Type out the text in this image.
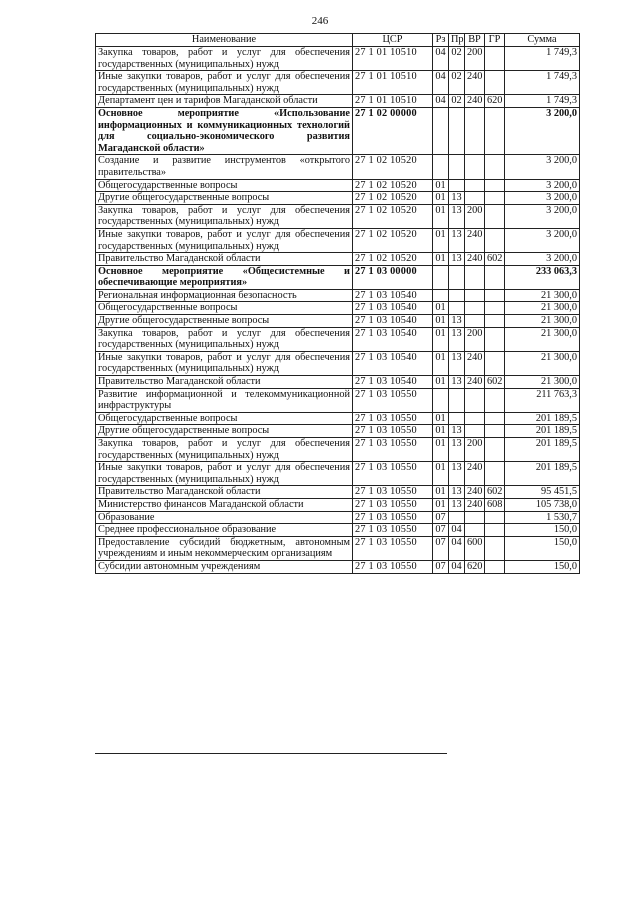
246
Наименование	ЦСР	Рз	Пр	ВР	ГР	Сумма
Закупка товаров, работ и услуг для обеспечения государственных (муниципальных) нужд	27 1 01 10510	04	02	200		1 749,3
Иные закупки товаров, работ и услуг для обеспечения государственных (муниципальных) нужд	27 1 01 10510	04	02	240		1 749,3
Департамент цен и тарифов Магаданской области	27 1 01 10510	04	02	240	620	1 749,3
Основное мероприятие «Использование информационных и коммуникационных технологий для социально-экономического развития Магаданской области»	27 1 02 00000					3 200,0
Создание и развитие инструментов «открытого правительства»	27 1 02 10520					3 200,0
Общегосударственные вопросы	27 1 02 10520	01				3 200,0
Другие общегосударственные вопросы	27 1 02 10520	01	13			3 200,0
Закупка товаров, работ и услуг для обеспечения государственных (муниципальных) нужд	27 1 02 10520	01	13	200		3 200,0
Иные закупки товаров, работ и услуг для обеспечения государственных (муниципальных) нужд	27 1 02 10520	01	13	240		3 200,0
Правительство Магаданской области	27 1 02 10520	01	13	240	602	3 200,0
Основное мероприятие «Общесистемные и обеспечивающие мероприятия»	27 1 03 00000					233 063,3
Региональная информационная безопасность	27 1 03 10540					21 300,0
Общегосударственные вопросы	27 1 03 10540	01				21 300,0
Другие общегосударственные вопросы	27 1 03 10540	01	13			21 300,0
Закупка товаров, работ и услуг для обеспечения государственных (муниципальных) нужд	27 1 03 10540	01	13	200		21 300,0
Иные закупки товаров, работ и услуг для обеспечения государственных (муниципальных) нужд	27 1 03 10540	01	13	240		21 300,0
Правительство Магаданской области	27 1 03 10540	01	13	240	602	21 300,0
Развитие информационной и телекоммуникационной инфраструктуры	27 1 03 10550					211 763,3
Общегосударственные вопросы	27 1 03 10550	01				201 189,5
Другие общегосударственные вопросы	27 1 03 10550	01	13			201 189,5
Закупка товаров, работ и услуг для обеспечения государственных (муниципальных) нужд	27 1 03 10550	01	13	200		201 189,5
Иные закупки товаров, работ и услуг для обеспечения государственных (муниципальных) нужд	27 1 03 10550	01	13	240		201 189,5
Правительство Магаданской области	27 1 03 10550	01	13	240	602	95 451,5
Министерство финансов Магаданской области	27 1 03 10550	01	13	240	608	105 738,0
Образование	27 1 03 10550	07				1 530,7
Среднее профессиональное образование	27 1 03 10550	07	04			150,0
Предоставление субсидий бюджетным, автономным учреждениям и иным некоммерческим организациям	27 1 03 10550	07	04	600		150,0
Субсидии автономным учреждениям	27 1 03 10550	07	04	620		150,0
